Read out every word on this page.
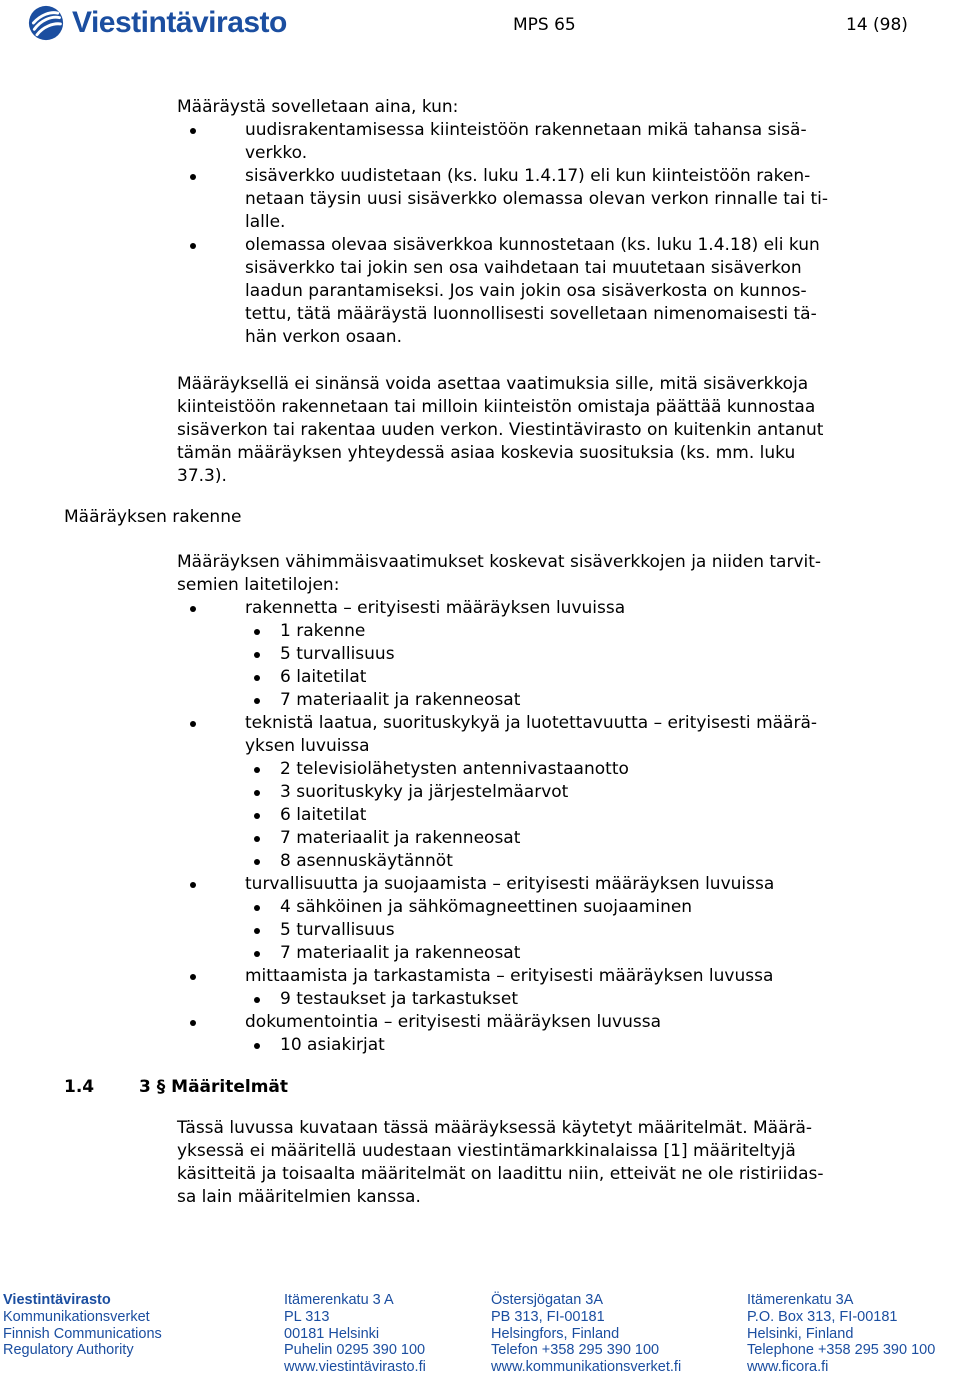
Viestintävirasto	MPS 65	14 (98)

Määräystä sovelletaan aina, kun:

uudisrakentamisessa kiinteistöön rakennetaan mikä tahansa sisä-
verkko.
sisäverkko uudistetaan (ks. luku 1.4.17) eli kun kiinteistöön raken-
netaan täysin uusi sisäverkko olemassa olevan verkon rinnalle tai ti-
lalle.
olemassa olevaa sisäverkkoa kunnostetaan (ks. luku 1.4.18) eli kun
sisäverkko tai jokin sen osa vaihdetaan tai muutetaan sisäverkon
laadun parantamiseksi. Jos vain jokin osa sisäverkosta on kunnos-
tettu, tätä määräystä luonnollisesti sovelletaan nimenomaisesti tä-
hän verkon osaan.
Määräyksellä ei sinänsä voida asettaa vaatimuksia sille, mitä sisäverkkoja
kiinteistöön rakennetaan tai milloin kiinteistön omistaja päättää kunnostaa
sisäverkon tai rakentaa uuden verkon. Viestintävirasto on kuitenkin antanut
tämän määräyksen yhteydessä asiaa koskevia suosituksia (ks. mm. luku
37.3).
Määräyksen rakenne
1.4	3 § Määritelmät
Määräyksen vähimmäisvaatimukset koskevat sisäverkkojen ja niiden tarvit-
semien laitetilojen:
rakennetta – erityisesti määräyksen luvuissa
1 rakenne
5 turvallisuus
6 laitetilat
7 materiaalit ja rakenneosat
teknistä laatua, suorituskykyä ja luotettavuutta – erityisesti määrä-
yksen luvuissa
2 televisiolähetysten antennivastaanotto
3 suorituskyky ja järjestelmäarvot
6 laitetilat
7 materiaalit ja rakenneosat
8 asennuskäytännöt
turvallisuutta ja suojaamista – erityisesti määräyksen luvuissa
4 sähköinen ja sähkömagneettinen suojaaminen
5 turvallisuus
7 materiaalit ja rakenneosat
mittaamista ja tarkastamista – erityisesti määräyksen luvussa
9 testaukset ja tarkastukset
dokumentointia – erityisesti määräyksen luvussa
10 asiakirjat
Tässä luvussa kuvataan tässä määräyksessä käytetyt määritelmät. Määrä-
yksessä ei määritellä uudestaan viestintämarkkinalaissa [1] määriteltyjä
käsitteitä ja toisaalta määritelmät on laadittu niin, etteivät ne ole ristiriidas-
sa lain määritelmien kanssa.
Viestintävirasto
Kommunikationsverket
Finnish Communications
Regulatory Authority
Itämerenkatu 3 A
PL 313
00181 Helsinki
Puhelin 0295 390 100
www.viestintävirasto.fi
Östersjögatan 3A
PB 313, FI-00181
Helsingfors, Finland
Telefon +358 295 390 100
www.kommunikationsverket.fi
Itämerenkatu 3A
P.O. Box 313, FI-00181
Helsinki, Finland
Telephone +358 295 390 100
www.ficora.fi
